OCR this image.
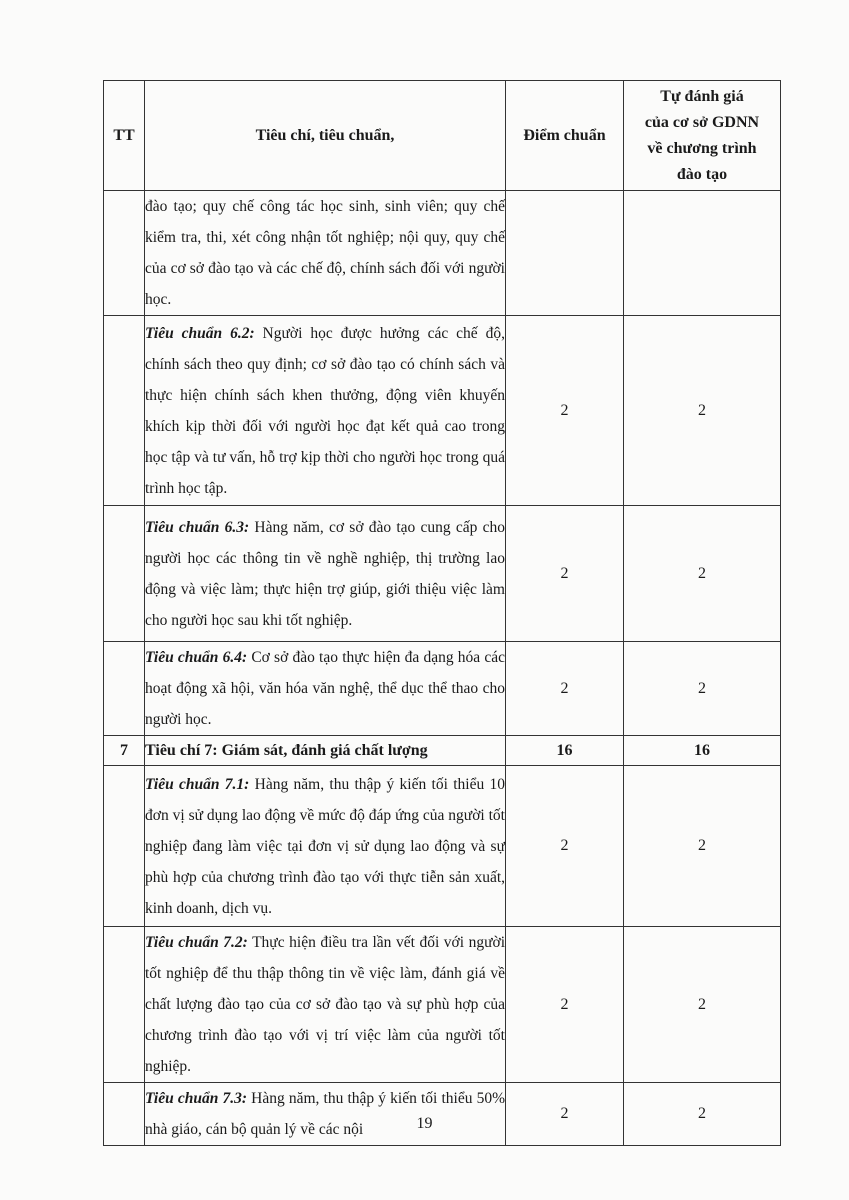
TT	Tiêu chí, tiêu chuẩn,	Điểm chuẩn	Tự đánh giá
của cơ sở GDNN
về chương trình
đào tạo

	đào tạo; quy chế công tác học sinh, sinh viên; quy chế kiểm tra, thi, xét công nhận tốt nghiệp; nội quy, quy chế của cơ sở đào tạo và các chế độ, chính sách đối với người học.		
	Tiêu chuẩn 6.2: Người học được hưởng các chế độ, chính sách theo quy định; cơ sở đào tạo có chính sách và thực hiện chính sách khen thưởng, động viên khuyến khích kịp thời đối với người học đạt kết quả cao trong học tập và tư vấn, hỗ trợ kịp thời cho người học trong quá trình học tập.	2	2
	Tiêu chuẩn 6.3: Hàng năm, cơ sở đào tạo cung cấp cho người học các thông tin về nghề nghiệp, thị trường lao động và việc làm; thực hiện trợ giúp, giới thiệu việc làm cho người học sau khi tốt nghiệp.	2	2
	Tiêu chuẩn 6.4: Cơ sở đào tạo thực hiện đa dạng hóa các hoạt động xã hội, văn hóa văn nghệ, thể dục thể thao cho người học.	2	2
7	Tiêu chí 7: Giám sát, đánh giá chất lượng	16	16
	Tiêu chuẩn 7.1: Hàng năm, thu thập ý kiến tối thiểu 10 đơn vị sử dụng lao động về mức độ đáp ứng của người tốt nghiệp đang làm việc tại đơn vị sử dụng lao động và sự phù hợp của chương trình đào tạo với thực tiễn sản xuất, kinh doanh, dịch vụ.	2	2
	Tiêu chuẩn 7.2: Thực hiện điều tra lần vết đối với người tốt nghiệp để thu thập thông tin về việc làm, đánh giá về chất lượng đào tạo của cơ sở đào tạo và sự phù hợp của chương trình đào tạo với vị trí việc làm của người tốt nghiệp.	2	2
	Tiêu chuẩn 7.3: Hàng năm, thu thập ý kiến tối thiểu 50% nhà giáo, cán bộ quản lý về các nội	2	2
19
